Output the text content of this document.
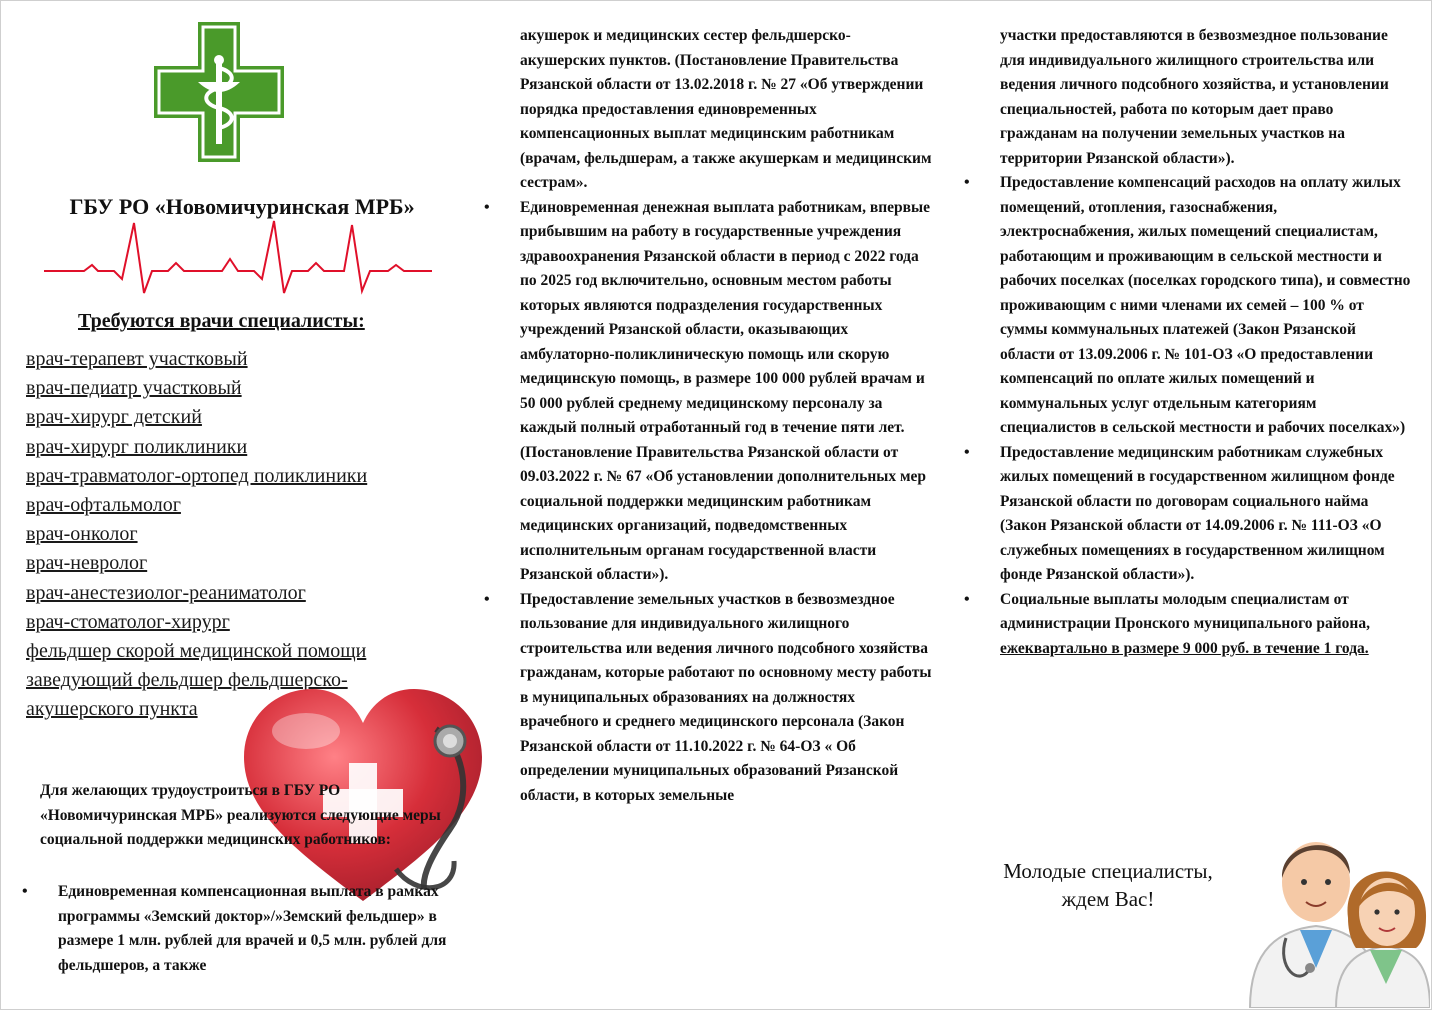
ГБУ РО «Новомичуринская МРБ»
Требуются врачи специалисты:
врач-терапевт участковый
врач-педиатр участковый
врач-хирург детский
врач-хирург поликлиники
врач-травматолог-ортопед поликлиники
врач-офтальмолог
врач-онколог
врач-невролог
врач-анестезиолог-реаниматолог
врач-стоматолог-хирург
фельдшер скорой медицинской помощи
заведующий фельдшер фельдшерско-
акушерского пункта

Для желающих трудоустроиться в ГБУ РО «Новомичуринская МРБ» реализуются следующие меры социальной поддержки медицинских работников:

• Единовременная компенсационная выплата в рамках программы «Земский доктор»/»Земский фельдшер» в размере 1 млн. рублей для врачей и 0,5 млн. рублей для фельдшеров, а также

акушерок и медицинских сестер фельдшерско-акушерских пунктов. (Постановление Правительства Рязанской области от 13.02.2018 г. № 27 «Об утверждении порядка предоставления единовременных компенсационных выплат медицинским работникам (врачам, фельдшерам, а также акушеркам и медицинским сестрам».

• Единовременная денежная выплата работникам, впервые прибывшим на работу в государственные учреждения здравоохранения Рязанской области в период с 2022 года по 2025 год включительно, основным местом работы которых являются подразделения государственных учреждений Рязанской области, оказывающих амбулаторно-поликлиническую помощь или скорую медицинскую помощь, в размере 100 000 рублей врачам и 50 000 рублей среднему медицинскому персоналу за каждый полный отработанный год в течение пяти лет. (Постановление Правительства Рязанской области от 09.03.2022 г. № 67 «Об установлении дополнительных мер социальной поддержки медицинским работникам медицинских организаций, подведомственных исполнительным органам государственной власти Рязанской области»).
• Предоставление земельных участков в безвозмездное пользование для индивидуального жилищного строительства или ведения личного подсобного хозяйства гражданам, которые работают по основному месту работы в муниципальных образованиях на должностях врачебного и среднего медицинского персонала (Закон Рязанской области от 11.10.2022 г. № 64-ОЗ « Об определении муниципальных образований Рязанской области, в которых земельные

участки предоставляются в безвозмездное пользование для индивидуального жилищного строительства или ведения личного подсобного хозяйства, и установлении специальностей, работа по которым дает право гражданам на получении земельных участков на территории Рязанской области»).

• Предоставление компенсаций расходов на оплату жилых помещений, отопления, газоснабжения, электроснабжения, жилых помещений специалистам, работающим и проживающим в сельской местности и рабочих поселках (поселках городского типа), и совместно проживающим с ними членами их семей – 100 % от суммы коммунальных платежей (Закон Рязанской области от 13.09.2006 г. № 101-ОЗ «О предоставлении компенсаций по оплате жилых помещений и коммунальных услуг отдельным категориям специалистов в сельской местности и рабочих поселках»)
• Предоставление медицинским работникам служебных жилых помещений в государственном жилищном фонде Рязанской области по договорам социального найма (Закон Рязанской области от 14.09.2006 г. № 111-ОЗ «О служебных помещениях в государственном жилищном фонде Рязанской области»).
• Социальные выплаты молодым специалистам от администрации Пронского муниципального района, ежеквартально в размере 9 000 руб. в течение 1 года.
Молодые специалисты,
ждем Вас!
